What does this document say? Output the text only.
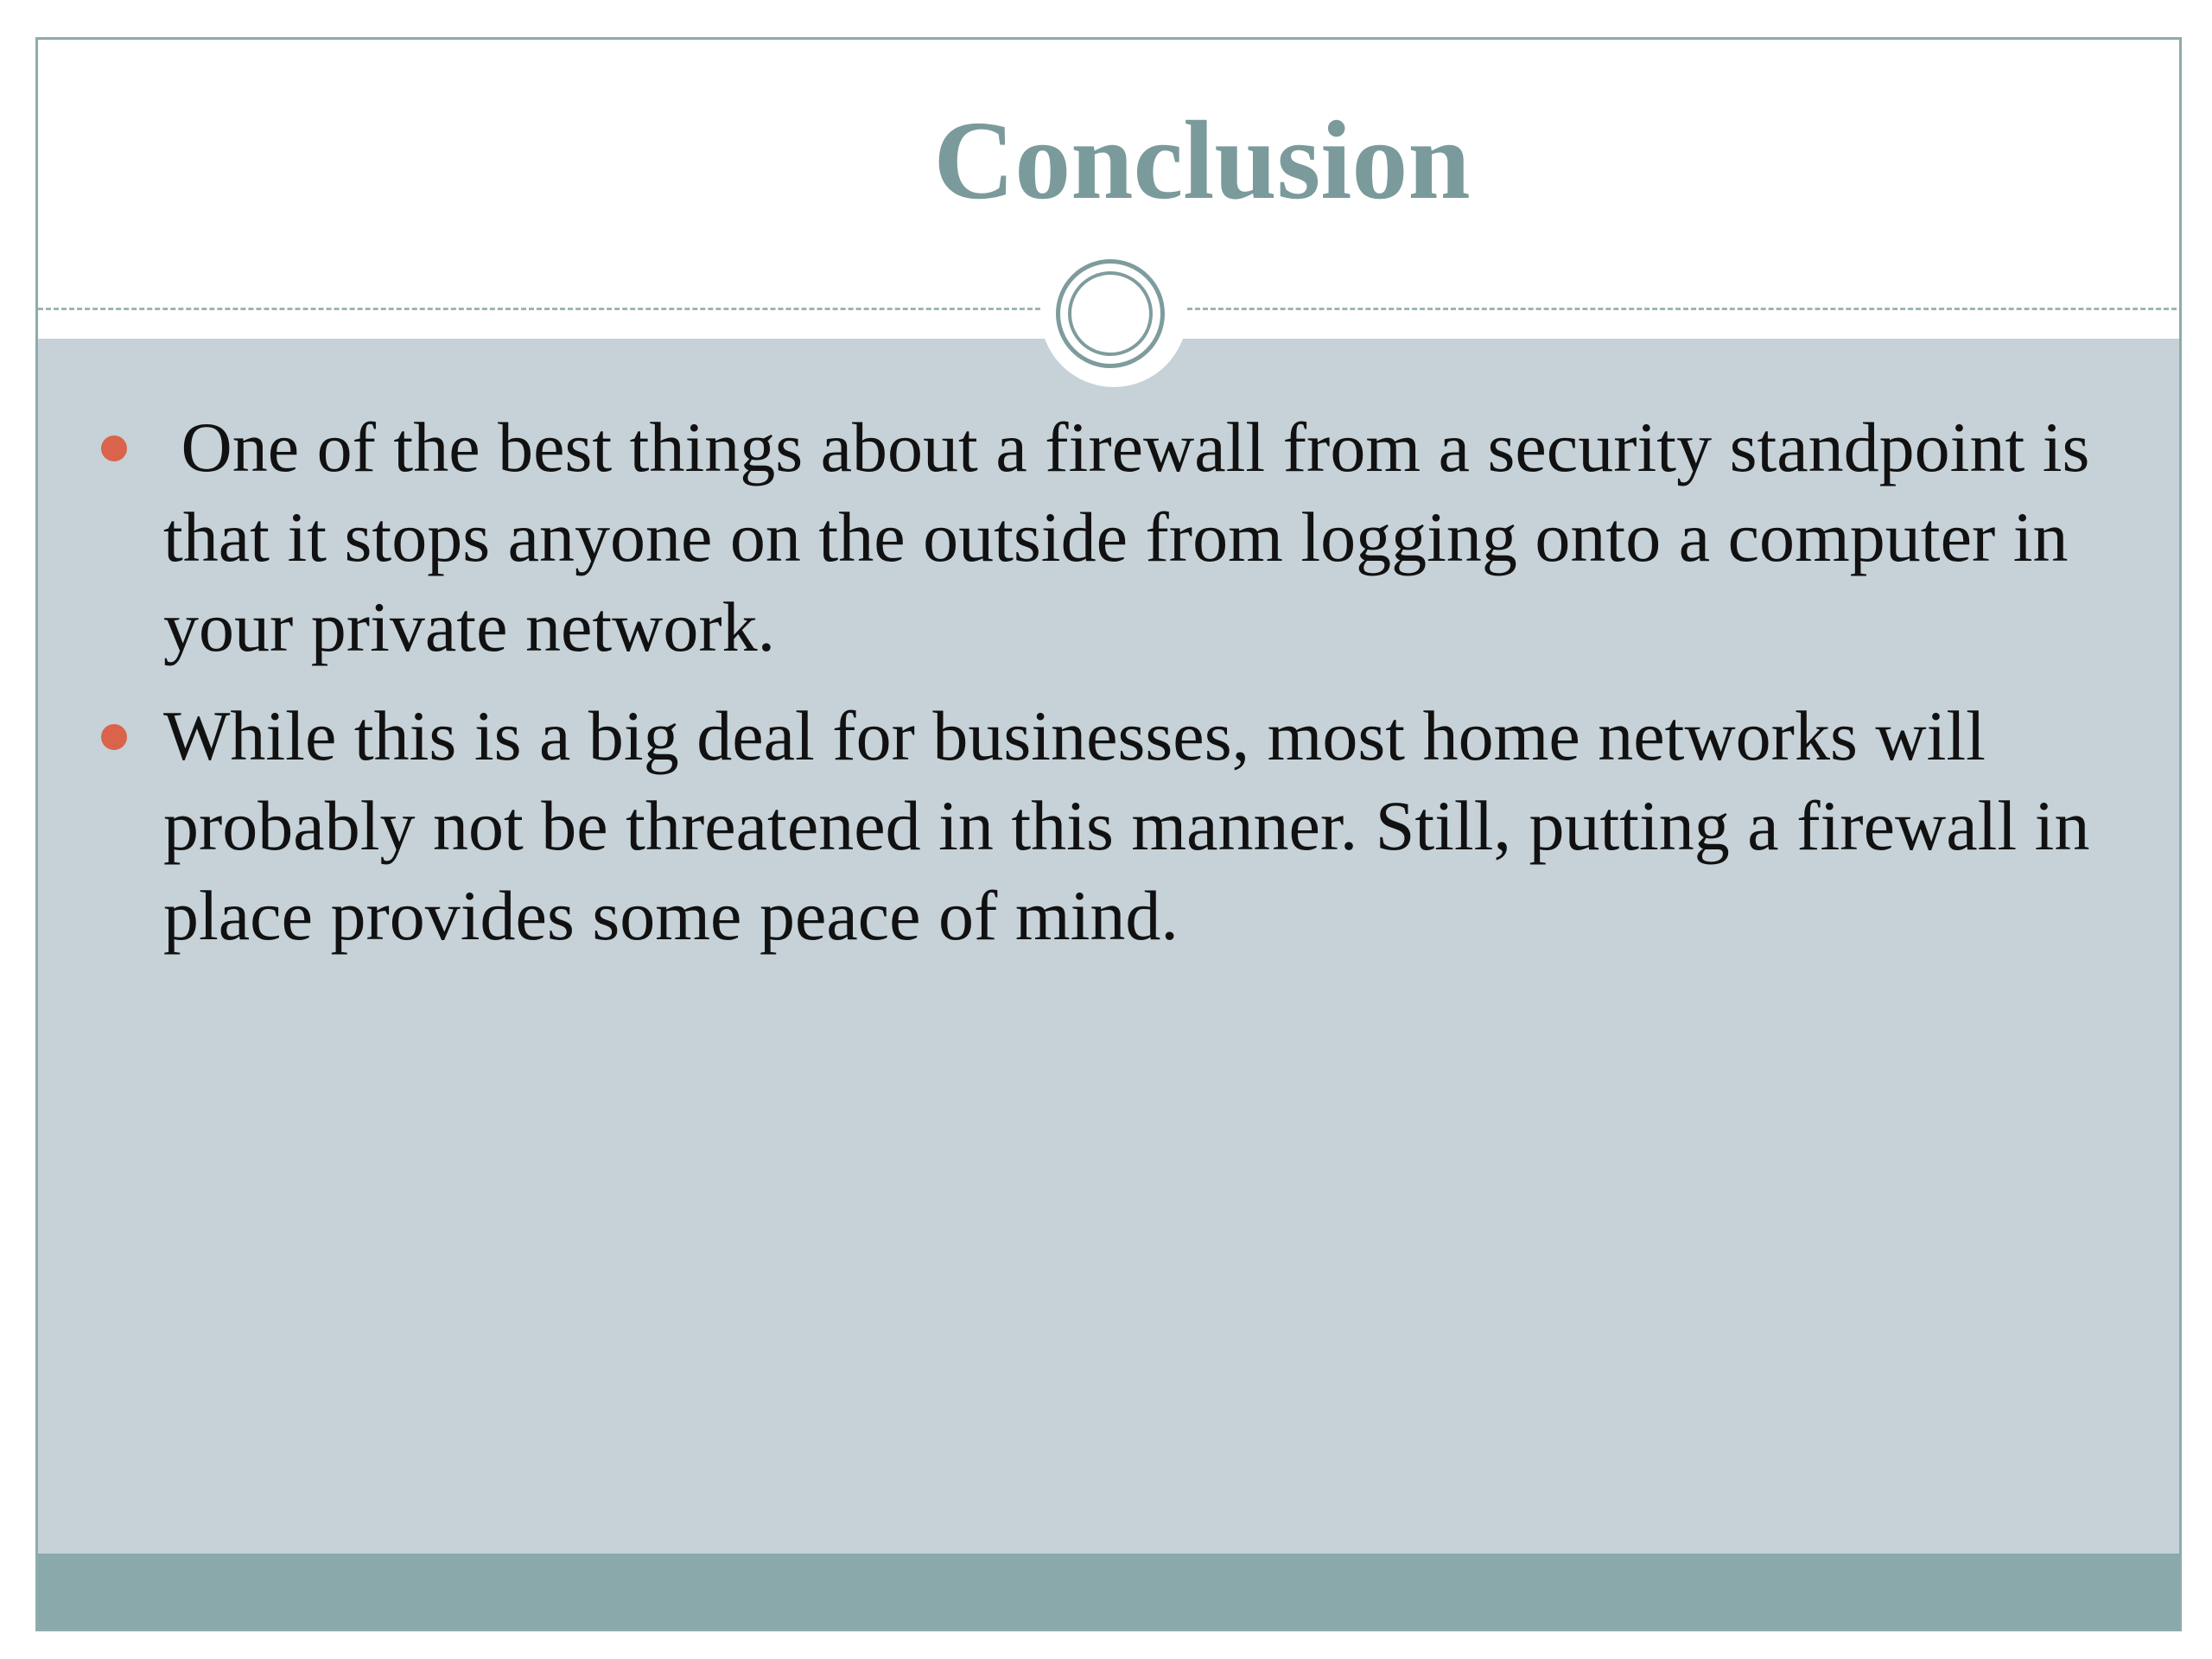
Conclusion
One of the best things about a firewall from a security standpoint is that it stops anyone on the outside from logging onto a computer in your private network.
While this is a big deal for businesses, most home networks will probably not be threatened in this manner. Still, putting a firewall in place provides some peace of mind.
